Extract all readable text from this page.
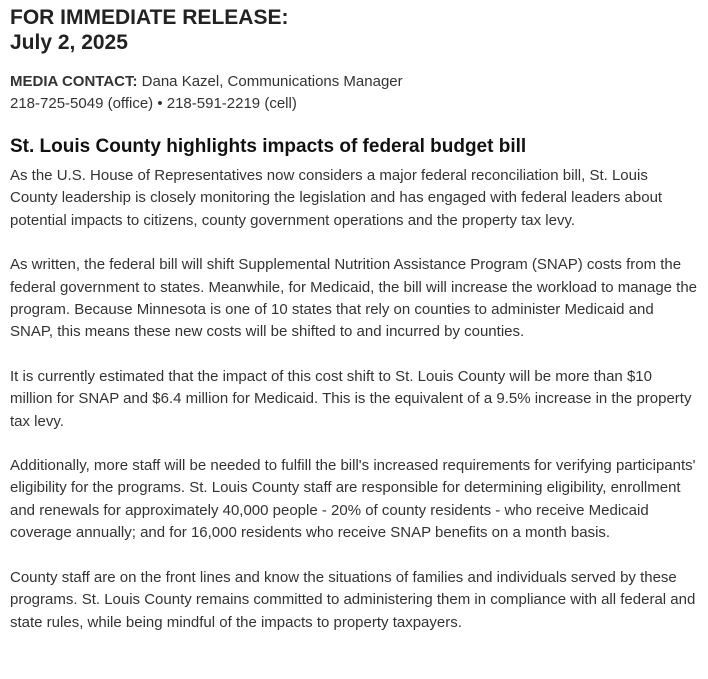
FOR IMMEDIATE RELEASE:
July 2, 2025
MEDIA CONTACT: Dana Kazel, Communications Manager
218-725-5049 (office) • 218-591-2219 (cell)
St. Louis County highlights impacts of federal budget bill

As the U.S. House of Representatives now considers a major federal reconciliation bill, St. Louis County leadership is closely monitoring the legislation and has engaged with federal leaders about potential impacts to citizens, county government operations and the property tax levy.

As written, the federal bill will shift Supplemental Nutrition Assistance Program (SNAP) costs from the federal government to states. Meanwhile, for Medicaid, the bill will increase the workload to manage the program. Because Minnesota is one of 10 states that rely on counties to administer Medicaid and SNAP, this means these new costs will be shifted to and incurred by counties.

It is currently estimated that the impact of this cost shift to St. Louis County will be more than $10 million for SNAP and $6.4 million for Medicaid. This is the equivalent of a 9.5% increase in the property tax levy.

Additionally, more staff will be needed to fulfill the bill's increased requirements for verifying participants' eligibility for the programs. St. Louis County staff are responsible for determining eligibility, enrollment and renewals for approximately 40,000 people - 20% of county residents - who receive Medicaid coverage annually; and for 16,000 residents who receive SNAP benefits on a month basis.

County staff are on the front lines and know the situations of families and individuals served by these programs. St. Louis County remains committed to administering them in compliance with all federal and state rules, while being mindful of the impacts to property taxpayers.
